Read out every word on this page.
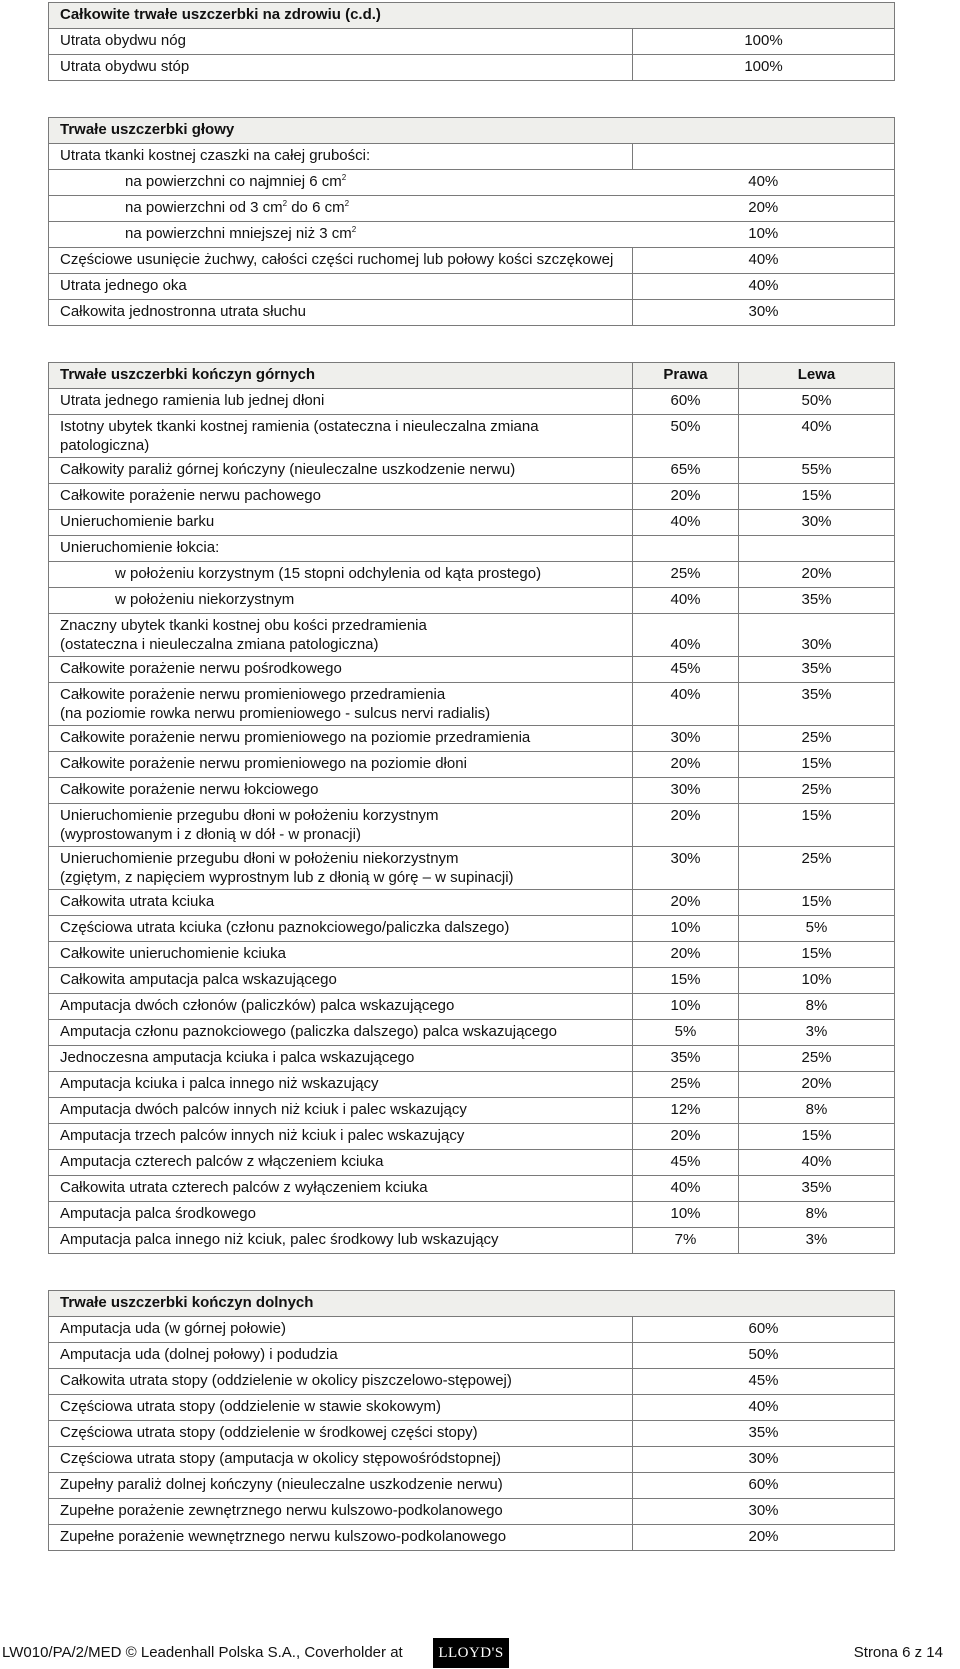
Całkowite trwałe uszczerbki na zdrowiu (c.d.)	
Utrata obydwu nóg	100%
Utrata obydwu stóp	100%
Trwałe uszczerbki głowy	
Utrata tkanki kostnej czaszki na całej grubości:	
na powierzchni co najmniej 6 $cm^2$	40%
na powierzchni od 3 $cm^2$ do 6 $cm^2$	20%
na powierzchni mniejszej niż 3 $cm^2$	10%
Częściowe usunięcie żuchwy, całości części ruchomej lub połowy kości szczękowej	40%
Utrata jednego oka	40%
Całkowita jednostronna utrata słuchu	30%
Trwałe uszczerbki kończyn górnych	Prawa	Lewa
Utrata jednego ramienia lub jednej dłoni	60%	50%

Istotny ubytek tkanki kostnej ramienia (ostateczna i nieuleczalna zmiana
patologiczna)	50%	40%
Całkowity paraliż górnej kończyny (nieuleczalne uszkodzenie nerwu)	65%	55%
Całkowite porażenie nerwu pachowego	20%	15%
Unieruchomienie barku	40%	30%
Unieruchomienie łokcia:		
w położeniu korzystnym (15 stopni odchylenia od kąta prostego)	25%	20%
w położeniu niekorzystnym	40%	35%

Znaczny ubytek tkanki kostnej obu kości przedramienia
(ostateczna i nieuleczalna zmiana patologiczna)	40%	30%
Całkowite porażenie nerwu pośrodkowego	45%	35%

Całkowite porażenie nerwu promieniowego przedramienia
(na poziomie rowka nerwu promieniowego - sulcus nervi radialis)	40%	35%
Całkowite porażenie nerwu promieniowego na poziomie przedramienia	30%	25%
Całkowite porażenie nerwu promieniowego na poziomie dłoni	20%	15%
Całkowite porażenie nerwu łokciowego	30%	25%

Unieruchomienie przegubu dłoni w położeniu korzystnym
(wyprostowanym i z dłonią w dół - w pronacji)	20%	15%

Unieruchomienie przegubu dłoni w położeniu niekorzystnym
(zgiętym, z napięciem wyprostnym lub z dłonią w górę – w supinacji)	30%	25%
Całkowita utrata kciuka	20%	15%
Częściowa utrata kciuka (członu paznokciowego/paliczka dalszego)	10%	5%
Całkowite unieruchomienie kciuka	20%	15%
Całkowita amputacja palca wskazującego	15%	10%
Amputacja dwóch członów (paliczków) palca wskazującego	10%	8%
Amputacja członu paznokciowego (paliczka dalszego) palca wskazującego	5%	3%
Jednoczesna amputacja kciuka i palca wskazującego	35%	25%
Amputacja kciuka i palca innego niż wskazujący	25%	20%
Amputacja dwóch palców innych niż kciuk i palec wskazujący	12%	8%
Amputacja trzech palców innych niż kciuk i palec wskazujący	20%	15%
Amputacja czterech palców z włączeniem kciuka	45%	40%
Całkowita utrata czterech palców z wyłączeniem kciuka	40%	35%
Amputacja palca środkowego	10%	8%
Amputacja palca innego niż kciuk, palec środkowy lub wskazujący	7%	3%
Trwałe uszczerbki kończyn dolnych	
Amputacja uda (w górnej połowie)	60%
Amputacja uda (dolnej połowy) i podudzia	50%
Całkowita utrata stopy (oddzielenie w okolicy piszczelowo-stępowej)	45%
Częściowa utrata stopy (oddzielenie w stawie skokowym)	40%
Częściowa utrata stopy (oddzielenie w środkowej części stopy)	35%
Częściowa utrata stopy (amputacja w okolicy stępowośródstopnej)	30%
Zupełny paraliż dolnej kończyny (nieuleczalne uszkodzenie nerwu)	60%
Zupełne porażenie zewnętrznego nerwu kulszowo-podkolanowego	30%
Zupełne porażenie wewnętrznego nerwu kulszowo-podkolanowego	20%
LW010/PA/2/MED © Leadenhall Polska S.A., Coverholder at	LLOYD'S	Strona 6 z 14
